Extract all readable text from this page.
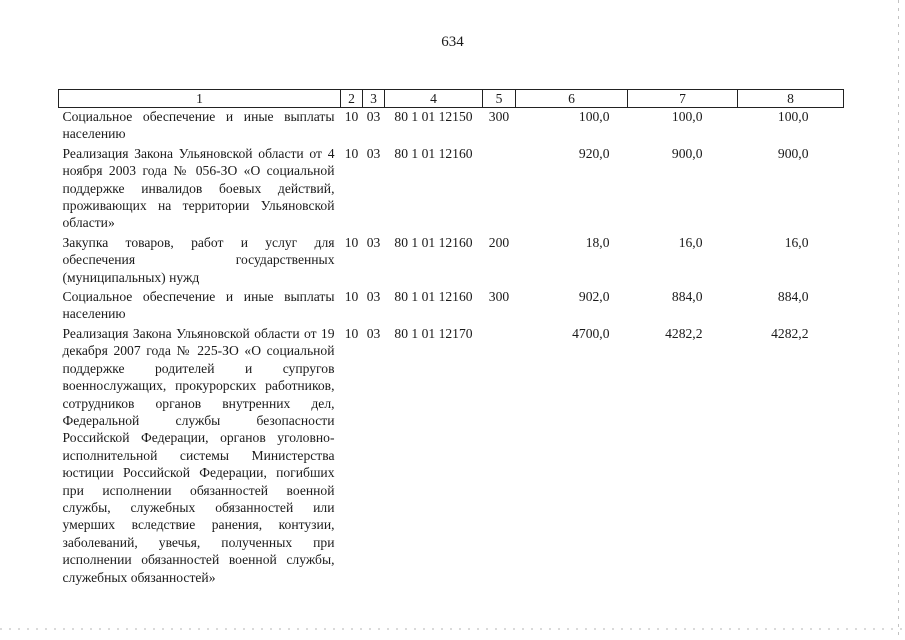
634
1	2	3	4	5	6	7	8
Социальное обеспечение и иные выплаты населению	10	03	80 1 01 12150	300	100,0	100,0	100,0
Реализация Закона Ульяновской области от 4 ноября 2003 года № 056-ЗО «О социальной поддержке инвалидов боевых действий, проживающих на территории Ульяновской области»	10	03	80 1 01 12160		920,0	900,0	900,0
Закупка товаров, работ и услуг для обеспечения государственных (муниципальных) нужд	10	03	80 1 01 12160	200	18,0	16,0	16,0
Социальное обеспечение и иные выплаты населению	10	03	80 1 01 12160	300	902,0	884,0	884,0
Реализация Закона Ульяновской области от 19 декабря 2007 года № 225-ЗО «О социальной поддержке родителей и супругов военнослужащих, прокурорских работников, сотрудников органов внутренних дел, Федеральной службы безопасности Российской Федерации, органов уголовно-исполнительной системы Министерства юстиции Российской Федерации, погибших при исполнении обязанностей военной службы, служебных обязанностей или умерших вследствие ранения, контузии, заболеваний, увечья, полученных при исполнении обязанностей военной службы, служебных обязанностей»	10	03	80 1 01 12170		4700,0	4282,2	4282,2
